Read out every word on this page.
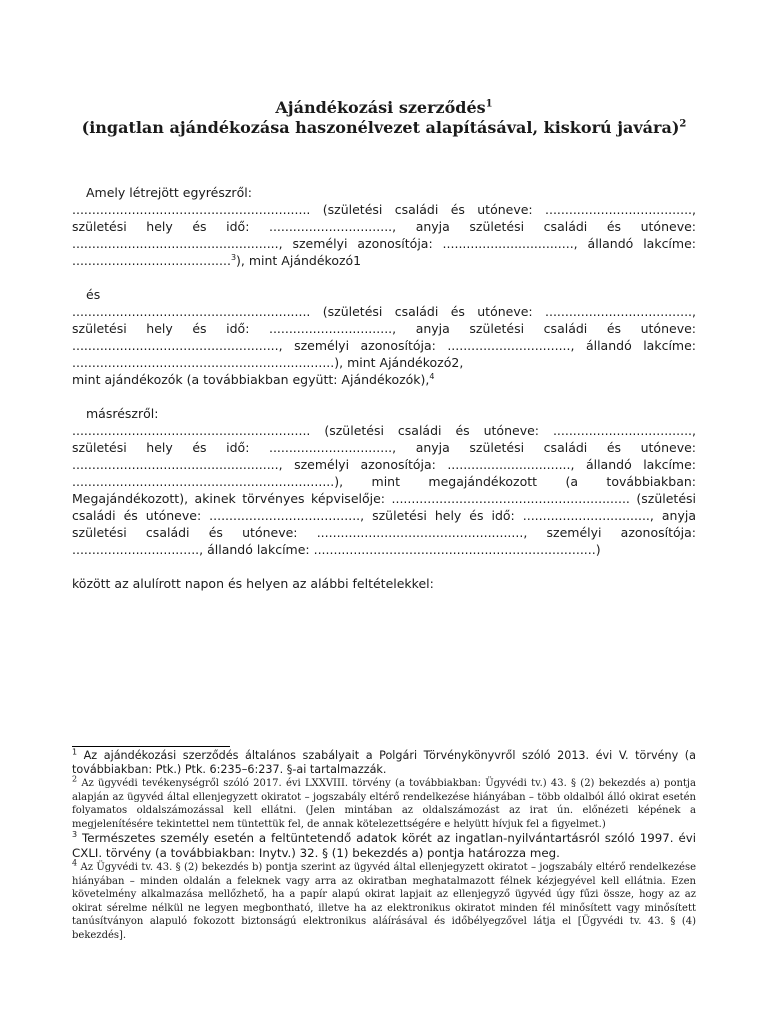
Ajándékozási szerződés$^1$
(ingatlan ajándékozása haszonélvezet alapításával, kiskorú javára)$^2$
Amely létrejött egyrészről:

............................................................ (születési családi és utóneve: ....................................., születési hely és idő: ..............................., anyja születési családi és utóneve: ...................................................., személyi azonosítója: ................................., állandó lakcíme: ........................................$^3$), mint Ajándékozó1

és

............................................................ (születési családi és utóneve: ....................................., születési hely és idő: ..............................., anyja születési családi és utóneve: ...................................................., személyi azonosítója: ..............................., állandó lakcíme: ..................................................................), mint Ajándékozó2,

mint ajándékozók (a továbbiakban együtt: Ajándékozók),$^4$

másrészről:

............................................................ (születési családi és utóneve: ..................................., születési hely és idő: ..............................., anyja születési családi és utóneve: ...................................................., személyi azonosítója: ..............................., állandó lakcíme: ..................................................................), mint megajándékozott (a továbbiakban: Megajándékozott), akinek törvényes képviselője: ............................................................ (születési családi és utóneve: ......................................, születési hely és idő: ................................, anyja születési családi és utóneve: ...................................................., személyi azonosítója: ................................, állandó lakcíme: .......................................................................)

között az alulírott napon és helyen az alábbi feltételekkel:

$^1$ Az ajándékozási szerződés általános szabályait a Polgári Törvénykönyvről szóló 2013. évi V. törvény (a továbbiakban: Ptk.) Ptk. 6:235–6:237. §-ai tartalmazzák.

$^2$ Az ügyvédi tevékenységről szóló 2017. évi LXXVIII. törvény (a továbbiakban: Ügyvédi tv.) 43. § (2) bekezdés a) pontja alapján az ügyvéd által ellenjegyzett okiratot – jogszabály eltérő rendelkezése hiányában – több oldalból álló okirat esetén folyamatos oldalszámozással kell ellátni. (Jelen mintában az oldalszámozást az irat ún. előnézeti képének a megjelenítésére tekintettel nem tüntettük fel, de annak kötelezettségére e helyütt hívjuk fel a figyelmet.)

$^3$ Természetes személy esetén a feltüntetendő adatok körét az ingatlan-nyilvántartásról szóló 1997. évi CXLI. törvény (a továbbiakban: Inytv.) 32. § (1) bekezdés a) pontja határozza meg.

$^4$ Az Ügyvédi tv. 43. § (2) bekezdés b) pontja szerint az ügyvéd által ellenjegyzett okiratot – jogszabály eltérő rendelkezése hiányában – minden oldalán a feleknek vagy arra az okiratban meghatalmazott félnek kézjegyével kell ellátnia. Ezen követelmény alkalmazása mellőzhető, ha a papír alapú okirat lapjait az ellenjegyző ügyvéd úgy fűzi össze, hogy az az okirat sérelme nélkül ne legyen megbontható, illetve ha az elektronikus okiratot minden fél minősített vagy minősített tanúsítványon alapuló fokozott biztonságú elektronikus aláírásával és időbélyegzővel látja el [Ügyvédi tv. 43. § (4) bekezdés].
